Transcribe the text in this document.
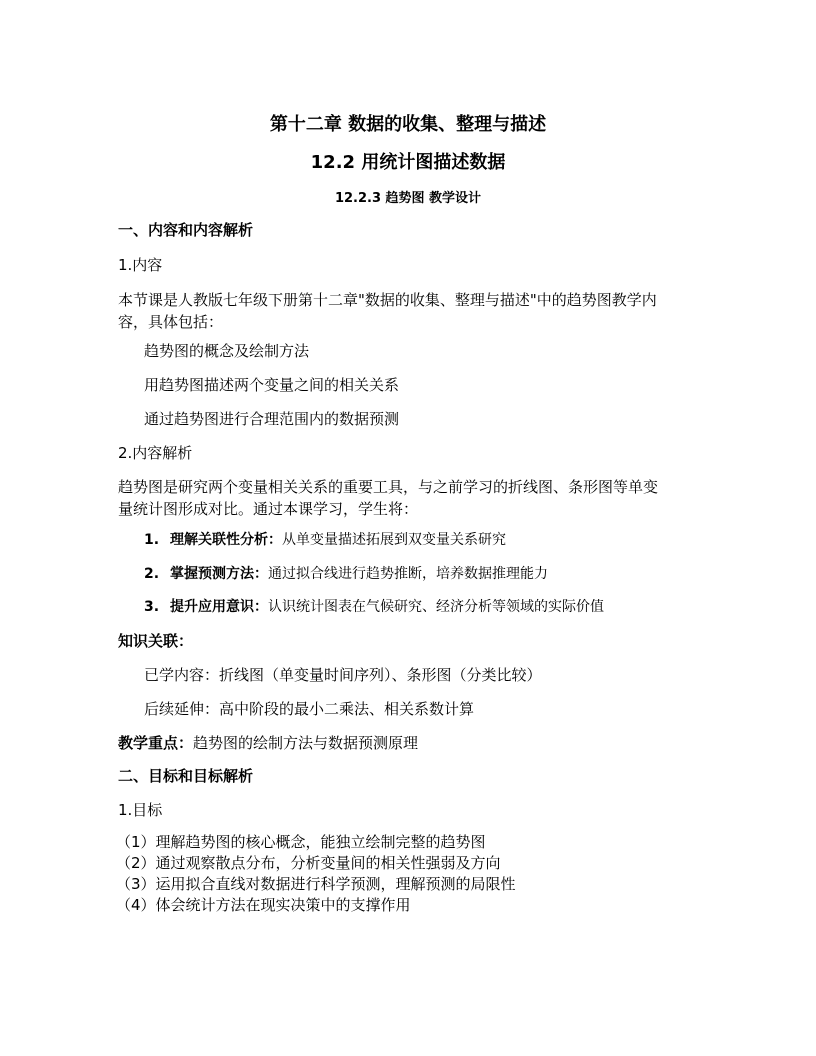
第十二章 数据的收集、整理与描述
12.2 用统计图描述数据
12.2.3 趋势图 教学设计
一、内容和内容解析
1.内容
本节课是人教版七年级下册第十二章"数据的收集、整理与描述"中的趋势图教学内
容，具体包括：
趋势图的概念及绘制方法
用趋势图描述两个变量之间的相关关系
通过趋势图进行合理范围内的数据预测
2.内容解析
趋势图是研究两个变量相关关系的重要工具，与之前学习的折线图、条形图等单变
量统计图形成对比。通过本课学习，学生将：
1. 理解关联性分析：从单变量描述拓展到双变量关系研究
2. 掌握预测方法：通过拟合线进行趋势推断，培养数据推理能力
3. 提升应用意识：认识统计图表在气候研究、经济分析等领域的实际价值
知识关联：
已学内容：折线图（单变量时间序列）、条形图（分类比较）
后续延伸：高中阶段的最小二乘法、相关系数计算
教学重点：趋势图的绘制方法与数据预测原理
二、目标和目标解析
1.目标
（1）理解趋势图的核心概念，能独立绘制完整的趋势图
（2）通过观察散点分布，分析变量间的相关性强弱及方向
（3）运用拟合直线对数据进行科学预测，理解预测的局限性
（4）体会统计方法在现实决策中的支撑作用
